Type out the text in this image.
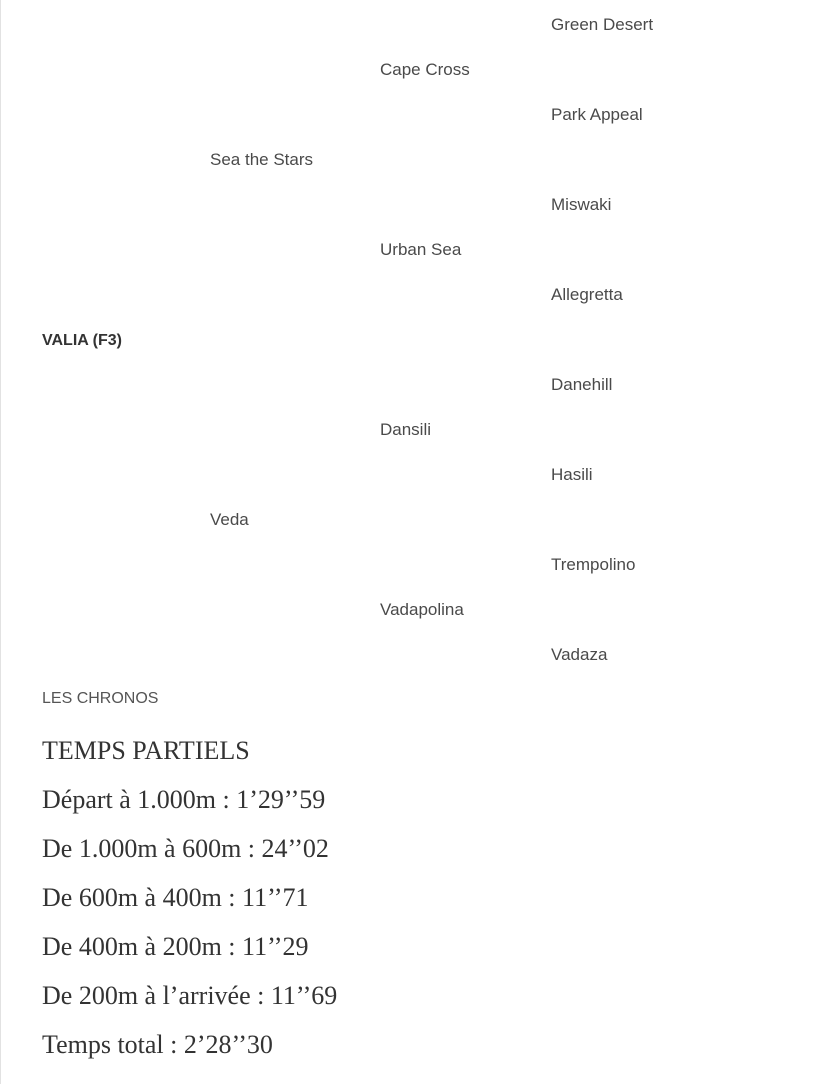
Green Desert
Park Appeal
Miswaki
Allegretta
Danehill
Hasili
Trempolino
Vadaza
Cape Cross
Urban Sea
Dansili
Vadapolina
Sea the Stars
Veda
VALIA (F3)
LES CHRONOS
TEMPS PARTIELS
Départ à 1.000m : 1’29’’59
De 1.000m à 600m : 24’’02
De 600m à 400m : 11’’71
De 400m à 200m : 11’’29
De 200m à l’arrivée : 11’’69
Temps total : 2’28’’30
